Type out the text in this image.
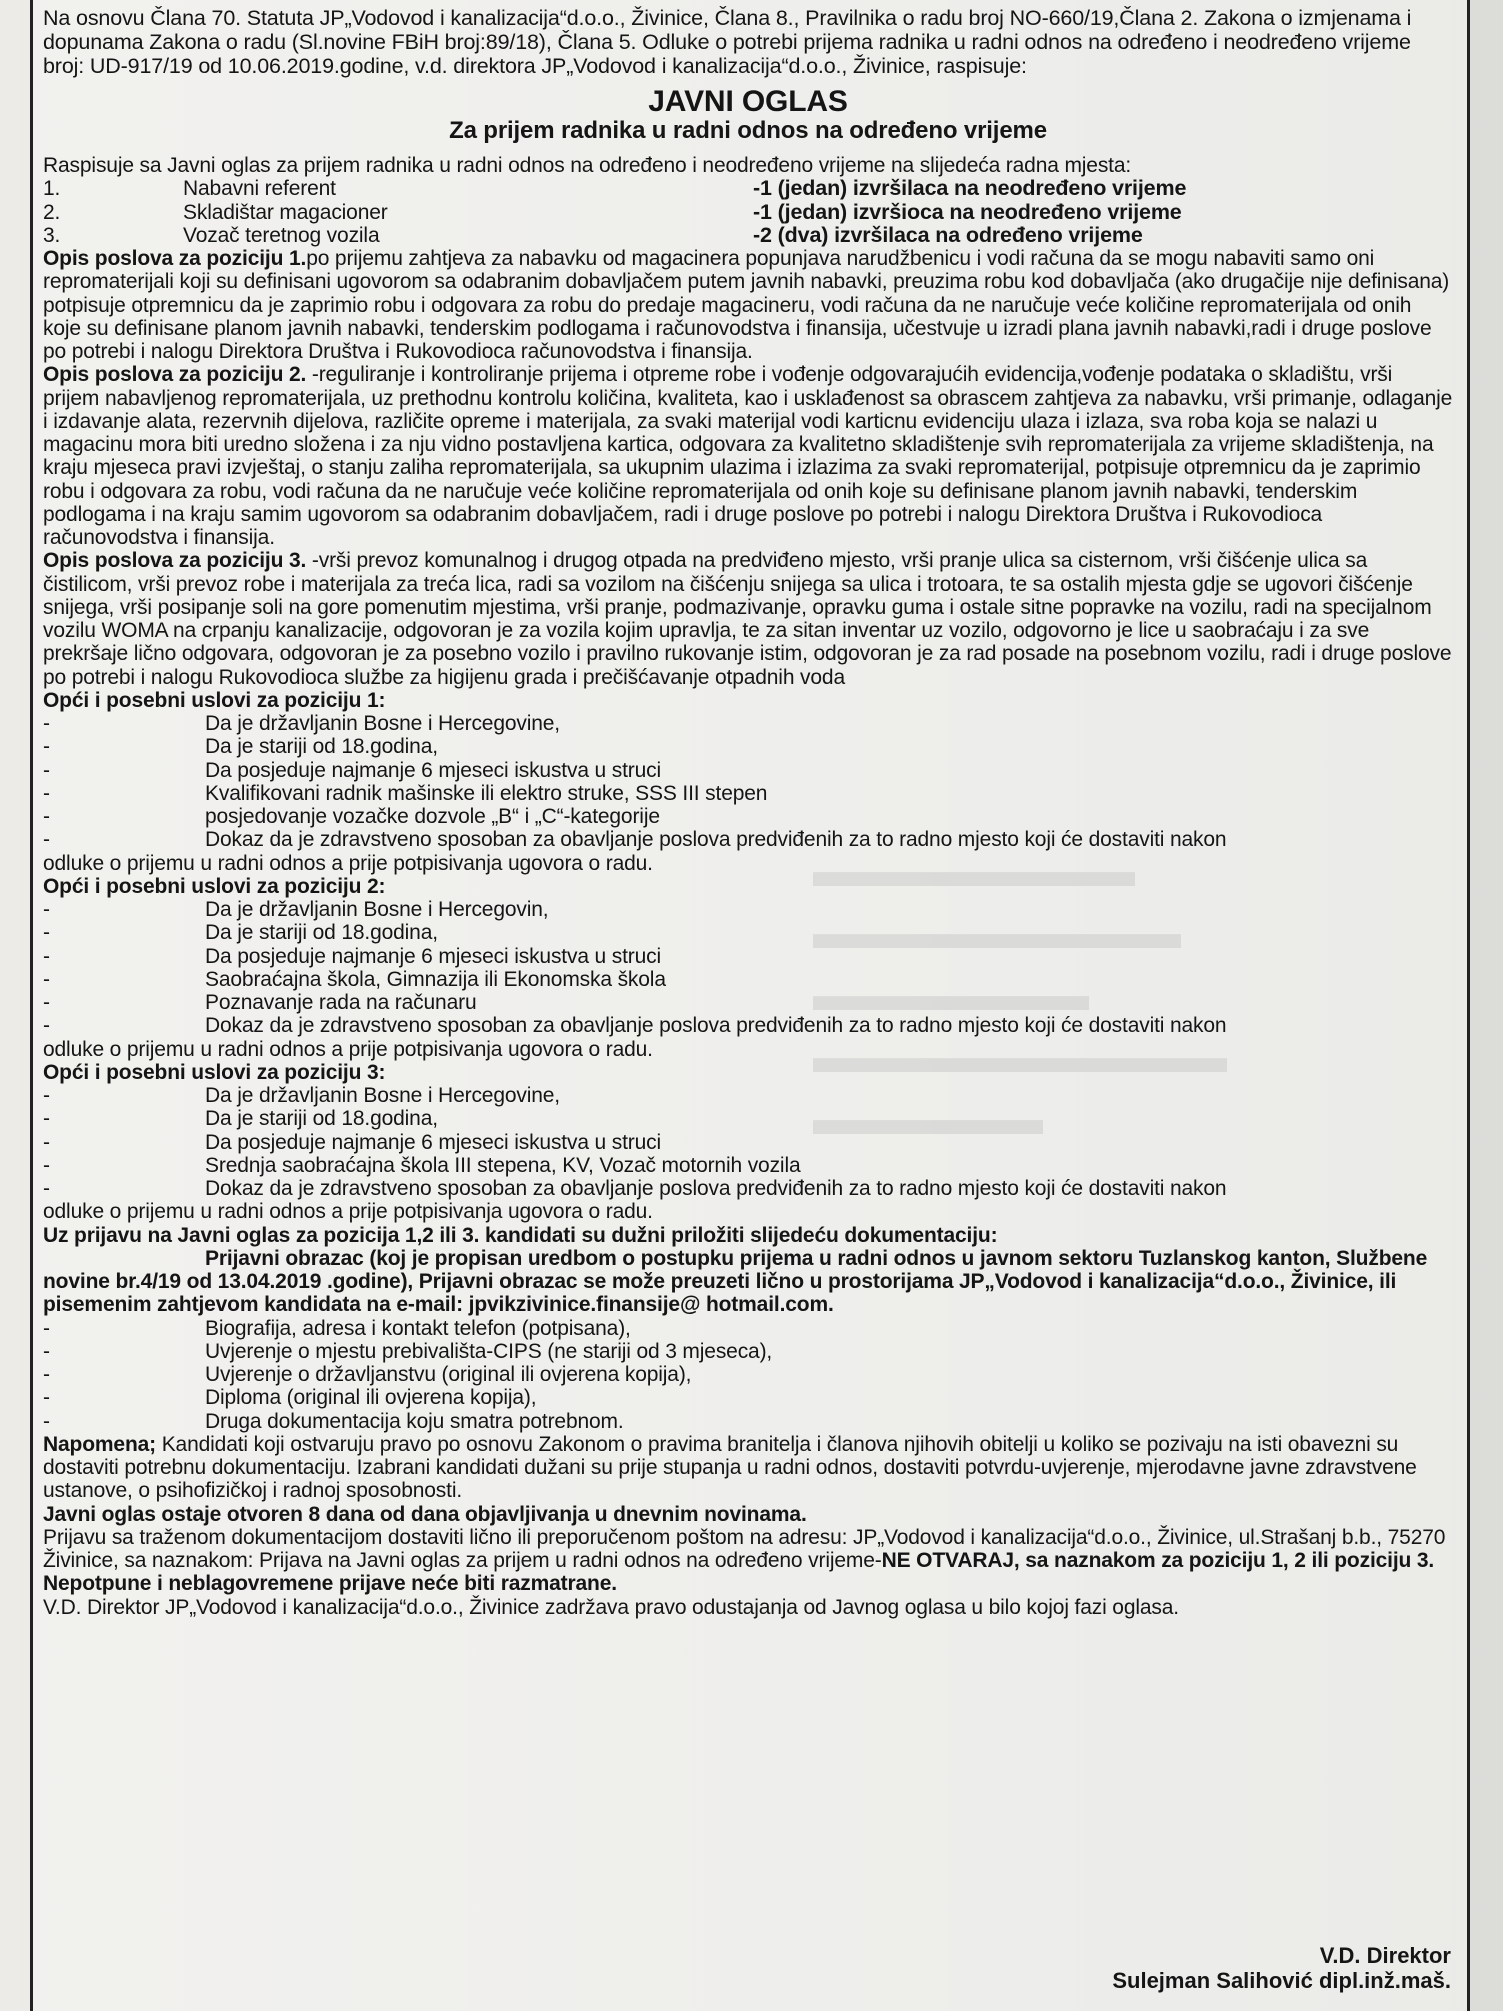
▬▬▬▬▬▬▬
▬▬▬▬▬▬▬▬
▬▬▬▬▬▬
▬▬▬▬▬▬▬▬▬
▬▬▬▬▬

Na osnovu Člana 70. Statuta JP„Vodovod i kanalizacija“d.o.o., Živinice, Člana 8., Pravilnika o radu broj NO-660/19,Člana 2. Zakona o izmjenama i dopunama Zakona o radu (Sl.novine FBiH broj:89/18), Člana 5. Odluke o potrebi prijema radnika u radni odnos na određeno i neodređeno vrijeme broj: UD-917/19 od 10.06.2019.godine, v.d. direktora JP„Vodovod i kanalizacija“d.o.o., Živinice, raspisuje:

JAVNI OGLAS
Za prijem radnika u radni odnos na određeno vrijeme
Raspisuje sa Javni oglas za prijem radnika u radni odnos na određeno i neodređeno vrijeme na slijedeća radna mjesta:
1.	Nabavni referent	-1 (jedan) izvršilaca na neodređeno vrijeme
2.	Skladištar magacioner	-1 (jedan) izvršioca na neodređeno vrijeme
3.	Vozač teretnog vozila	-2 (dva) izvršilaca na određeno vrijeme

Opis poslova za poziciju 1.po prijemu zahtjeva za nabavku od magacinera popunjava narudžbenicu i vodi računa da se mogu nabaviti samo oni repromaterijali koji su definisani ugovorom sa odabranim dobavljačem putem javnih nabavki, preuzima robu kod dobavljača (ako drugačije nije definisana) potpisuje otpremnicu da je zaprimio robu i odgovara za robu do predaje magacineru, vodi računa da ne naručuje veće količine repromaterijala od onih koje su definisane planom javnih nabavki, tenderskim podlogama i računovodstva i finansija, učestvuje u izradi plana javnih nabavki,radi i druge poslove po potrebi i nalogu Direktora Društva i Rukovodioca računovodstva i finansija.

Opis poslova za poziciju 2. -reguliranje i kontroliranje prijema i otpreme robe i vođenje odgovarajućih evidencija,vođenje podataka o skladištu, vrši prijem nabavljenog repromaterijala, uz prethodnu kontrolu količina, kvaliteta, kao i usklađenost sa obrascem zahtjeva za nabavku, vrši primanje, odlaganje i izdavanje alata, rezervnih dijelova, različite opreme i materijala, za svaki materijal vodi karticnu evidenciju ulaza i izlaza, sva roba koja se nalazi u magacinu mora biti uredno složena i za nju vidno postavljena kartica, odgovara za kvalitetno skladištenje svih repromaterijala za vrijeme skladištenja, na kraju mjeseca pravi izvještaj, o stanju zaliha repromaterijala, sa ukupnim ulazima i izlazima za svaki repromaterijal, potpisuje otpremnicu da je zaprimio robu i odgovara za robu, vodi računa da ne naručuje veće količine repromaterijala od onih koje su definisane planom javnih nabavki, tenderskim podlogama i na kraju samim ugovorom sa odabranim dobavljačem, radi i druge poslove po potrebi i nalogu Direktora Društva i Rukovodioca računovodstva i finansija.

Opis poslova za poziciju 3. -vrši prevoz komunalnog i drugog otpada na predviđeno mjesto, vrši pranje ulica sa cisternom, vrši čišćenje ulica sa čistilicom, vrši prevoz robe i materijala za treća lica, radi sa vozilom na čišćenju snijega sa ulica i trotoara, te sa ostalih mjesta gdje se ugovori čišćenje snijega, vrši posipanje soli na gore pomenutim mjestima, vrši pranje, podmazivanje, opravku guma i ostale sitne popravke na vozilu, radi na specijalnom vozilu WOMA na crpanju kanalizacije, odgovoran je za vozila kojim upravlja, te za sitan inventar uz vozilo, odgovorno je lice u saobraćaju i za sve prekršaje lično odgovara, odgovoran je za posebno vozilo i pravilno rukovanje istim, odgovoran je za rad posade na posebnom vozilu, radi i druge poslove po potrebi i nalogu Rukovodioca službe za higijenu grada i prečišćavanje otpadnih voda

Opći i posebni uslovi za poziciju 1:
-	Da je državljanin Bosne i Hercegovine,
-	Da je stariji od 18.godina,
-	Da posjeduje najmanje 6 mjeseci iskustva u struci
-	Kvalifikovani radnik mašinske ili elektro struke, SSS III stepen
-	posjedovanje vozačke dozvole „B“ i „C“-kategorije
-	Dokaz da je zdravstveno sposoban za obavljanje poslova predviđenih za to radno mjesto koji će dostaviti nakon
odluke o prijemu u radni odnos a prije potpisivanja ugovora o radu.
Opći i posebni uslovi za poziciju 2:
-	Da je državljanin Bosne i Hercegovin,
-	Da je stariji od 18.godina,
-	Da posjeduje najmanje 6 mjeseci iskustva u struci
-	Saobraćajna škola, Gimnazija ili Ekonomska škola
-	Poznavanje rada na računaru
-	Dokaz da je zdravstveno sposoban za obavljanje poslova predviđenih za to radno mjesto koji će dostaviti nakon
odluke o prijemu u radni odnos a prije potpisivanja ugovora o radu.
Opći i posebni uslovi za poziciju 3:
-	Da je državljanin Bosne i Hercegovine,
-	Da je stariji od 18.godina,
-	Da posjeduje najmanje 6 mjeseci iskustva u struci
-	Srednja saobraćajna škola III stepena, KV, Vozač motornih vozila
-	Dokaz da je zdravstveno sposoban za obavljanje poslova predviđenih za to radno mjesto koji će dostaviti nakon
odluke o prijemu u radni odnos a prije potpisivanja ugovora o radu.
Uz prijavu na Javni oglas za pozicija 1,2 ili 3. kandidati su dužni priložiti slijedeću dokumentaciju:
Prijavni obrazac (koj je propisan uredbom o postupku prijema u radni odnos u javnom sektoru Tuzlanskog kanton, Službene novine br.4/19 od 13.04.2019 .godine), Prijavni obrazac se može preuzeti lično u prostorijama JP„Vodovod i kanalizacija“d.o.o., Živinice, ili pisemenim zahtjevom kandidata na e-mail: jpvikzivinice.finansije@ hotmail.com.
-	Biografija, adresa i kontakt telefon (potpisana),
-	Uvjerenje o mjestu prebivališta-CIPS (ne stariji od 3 mjeseca),
-	Uvjerenje o državljanstvu (original ili ovjerena kopija),
-	Diploma (original ili ovjerena kopija),
-	Druga dokumentacija koju smatra potrebnom.

Napomena; Kandidati koji ostvaruju pravo po osnovu Zakonom o pravima branitelja i članova njihovih obitelji u koliko se pozivaju na isti obavezni su dostaviti potrebnu dokumentaciju. Izabrani kandidati dužani su prije stupanja u radni odnos, dostaviti potvrdu-uvjerenje, mjerodavne javne zdravstvene ustanove, o psihofizičkoj i radnoj sposobnosti.

Javni oglas ostaje otvoren 8 dana od dana objavljivanja u dnevnim novinama.

Prijavu sa traženom dokumentacijom dostaviti lično ili preporučenom poštom na adresu: JP„Vodovod i kanalizacija“d.o.o., Živinice, ul.Strašanj b.b., 75270 Živinice, sa naznakom: Prijava na Javni oglas za prijem u radni odnos na određeno vrijeme-NE OTVARAJ, sa naznakom za poziciju 1, 2 ili poziciju 3. Nepotpune i neblagovremene prijave neće biti razmatrane.

V.D. Direktor JP„Vodovod i kanalizacija“d.o.o., Živinice zadržava pravo odustajanja od Javnog oglasa u bilo kojoj fazi oglasa.

V.D. Direktor
Sulejman Salihović dipl.inž.maš.
